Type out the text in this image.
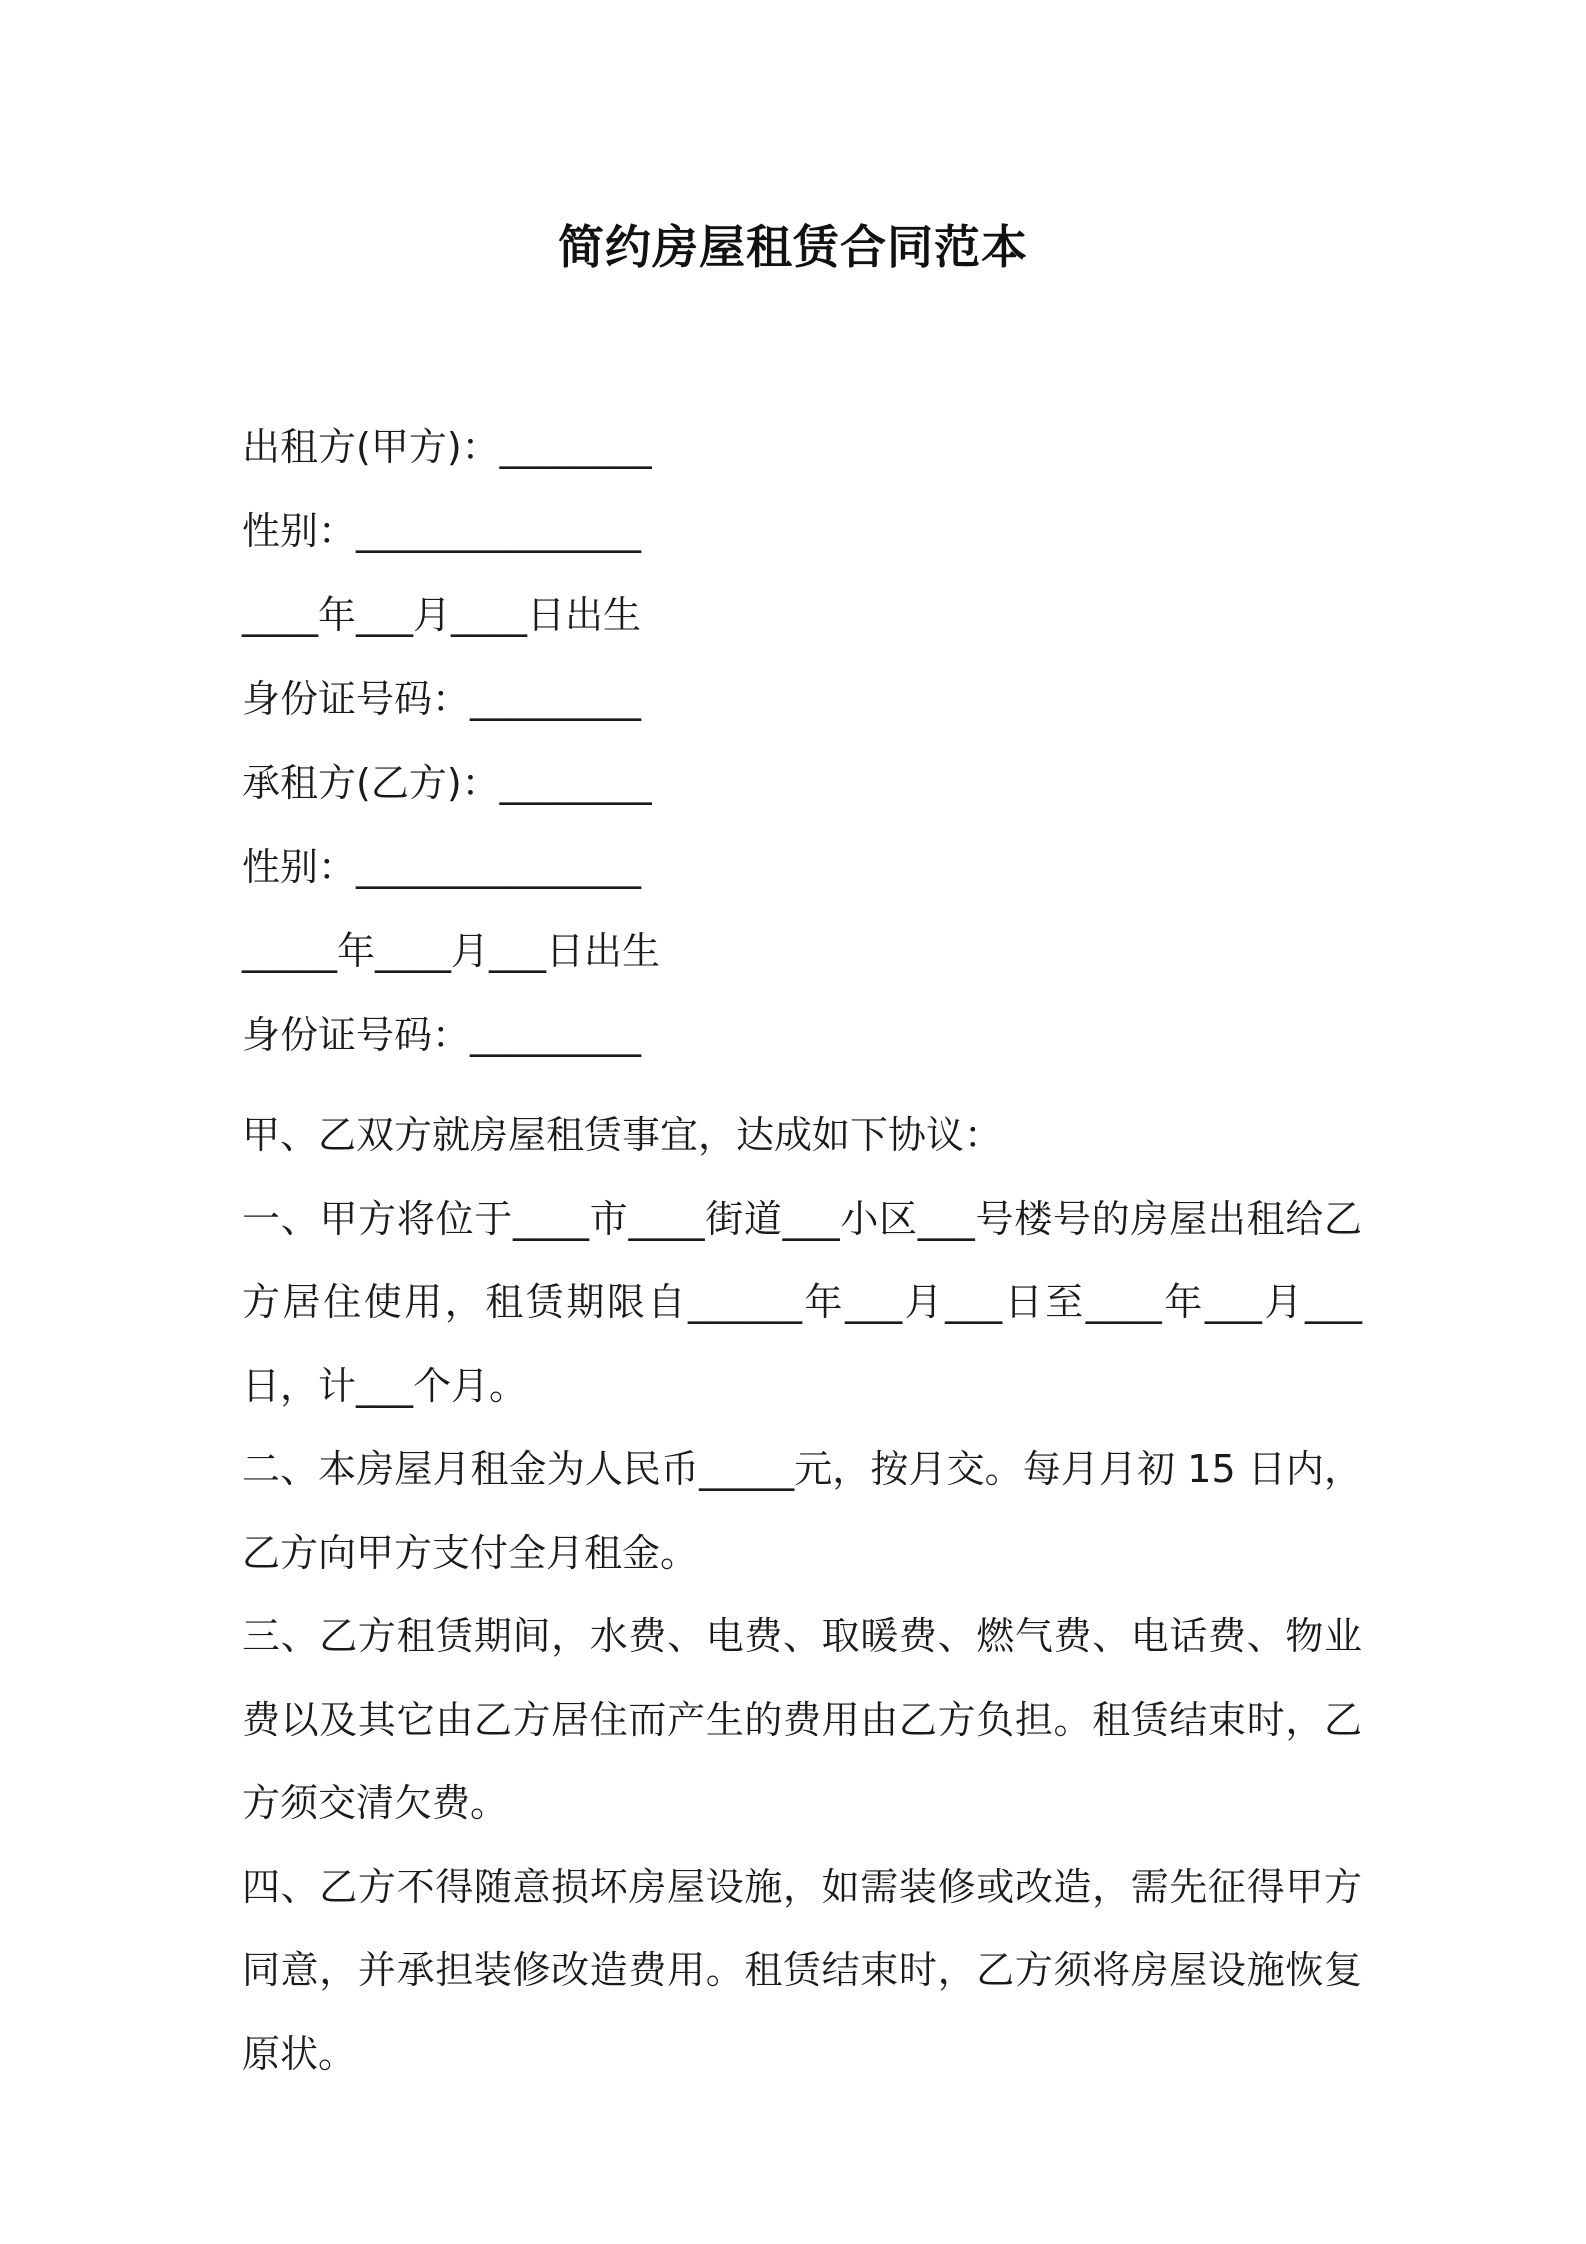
简约房屋租赁合同范本
出租方(甲方)：________
性别：_______________
____年___月____日出生
身份证号码：_________
承租方(乙方)：________
性别：_______________
_____年____月___日出生
身份证号码：_________

甲、乙双方就房屋租赁事宜，达成如下协议：

一、甲方将位于____市____街道___小区___号楼号的房屋出租给乙方居住使用，租赁期限自______年___月___日至____年___月___日，计___个月。

二、本房屋月租金为人民币_____元，按月交。每月月初 15 日内，乙方向甲方支付全月租金。

三、乙方租赁期间，水费、电费、取暖费、燃气费、电话费、物业费以及其它由乙方居住而产生的费用由乙方负担。租赁结束时，乙方须交清欠费。

四、乙方不得随意损坏房屋设施，如需装修或改造，需先征得甲方同意，并承担装修改造费用。租赁结束时，乙方须将房屋设施恢复原状。
